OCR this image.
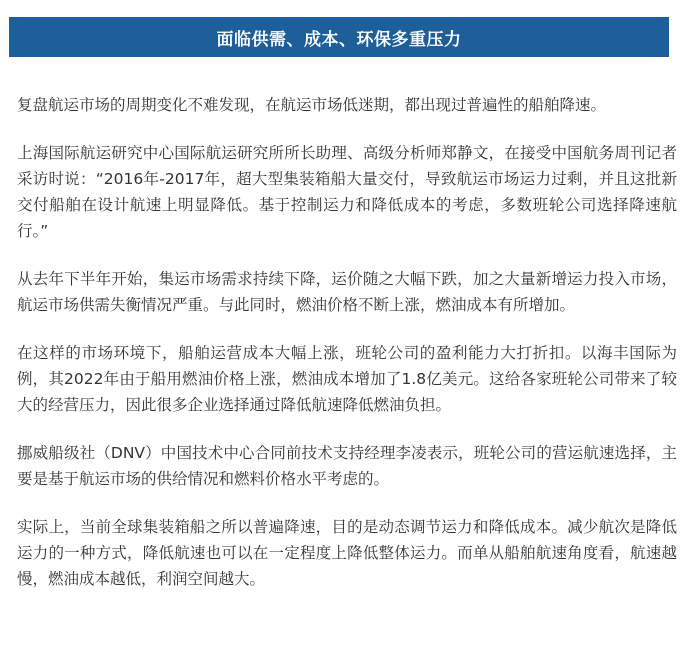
面临供需、成本、环保多重压力

复盘航运市场的周期变化不难发现，在航运市场低迷期，都出现过普遍性的船舶降速。

上海国际航运研究中心国际航运研究所所长助理、高级分析师郑静文，在接受中国航务周刊记者采访时说：“2016年-2017年，超大型集装箱船大量交付，导致航运市场运力过剩，并且这批新交付船舶在设计航速上明显降低。基于控制运力和降低成本的考虑，多数班轮公司选择降速航行。”

从去年下半年开始，集运市场需求持续下降，运价随之大幅下跌，加之大量新增运力投入市场，航运市场供需失衡情况严重。与此同时，燃油价格不断上涨，燃油成本有所增加。

在这样的市场环境下，船舶运营成本大幅上涨，班轮公司的盈利能力大打折扣。以海丰国际为例，其2022年由于船用燃油价格上涨，燃油成本增加了1.8亿美元。这给各家班轮公司带来了较大的经营压力，因此很多企业选择通过降低航速降低燃油负担。

挪威船级社（DNV）中国技术中心合同前技术支持经理李凌表示，班轮公司的营运航速选择，主要是基于航运市场的供给情况和燃料价格水平考虑的。

实际上，当前全球集装箱船之所以普遍降速，目的是动态调节运力和降低成本。减少航次是降低运力的一种方式，降低航速也可以在一定程度上降低整体运力。而单从船舶航速角度看，航速越慢，燃油成本越低，利润空间越大。
